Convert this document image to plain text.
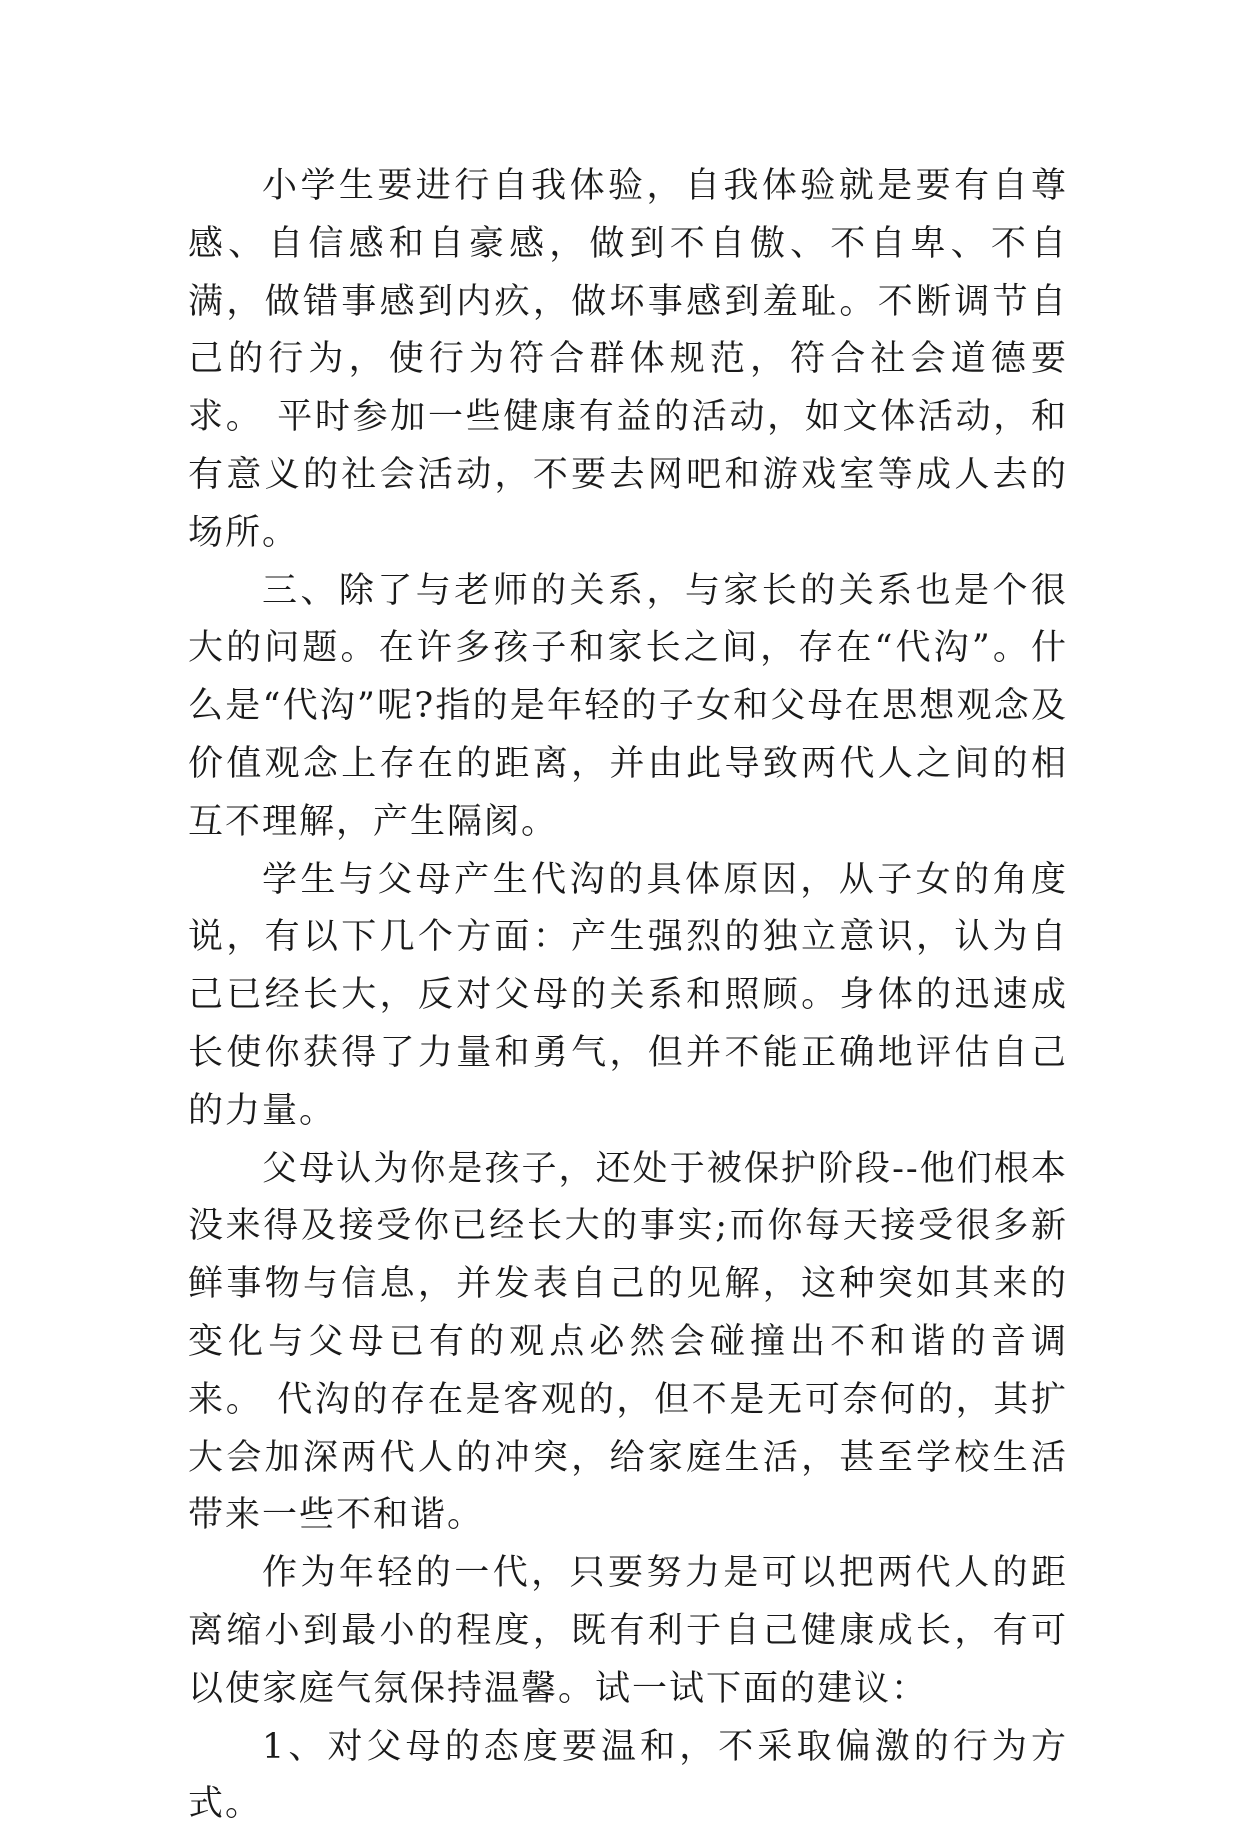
小学生要进行自我体验，自我体验就是要有自尊感、自信感和自豪感，做到不自傲、不自卑、不自满，做错事感到内疚，做坏事感到羞耻。不断调节自己的行为，使行为符合群体规范，符合社会道德要求。 平时参加一些健康有益的活动，如文体活动，和有意义的社会活动，不要去网吧和游戏室等成人去的场所。

三、除了与老师的关系，与家长的关系也是个很大的问题。在许多孩子和家长之间，存在“代沟”。什么是“代沟”呢?指的是年轻的子女和父母在思想观念及价值观念上存在的距离，并由此导致两代人之间的相互不理解，产生隔阂。

学生与父母产生代沟的具体原因，从子女的角度说，有以下几个方面：产生强烈的独立意识，认为自己已经长大，反对父母的关系和照顾。身体的迅速成长使你获得了力量和勇气，但并不能正确地评估自己的力量。

父母认为你是孩子，还处于被保护阶段--他们根本没来得及接受你已经长大的事实;而你每天接受很多新鲜事物与信息，并发表自己的见解，这种突如其来的变化与父母已有的观点必然会碰撞出不和谐的音调来。 代沟的存在是客观的，但不是无可奈何的，其扩大会加深两代人的冲突，给家庭生活，甚至学校生活带来一些不和谐。

作为年轻的一代，只要努力是可以把两代人的距离缩小到最小的程度，既有利于自己健康成长，有可以使家庭气氛保持温馨。试一试下面的建议：

1、对父母的态度要温和，不采取偏激的行为方式。
